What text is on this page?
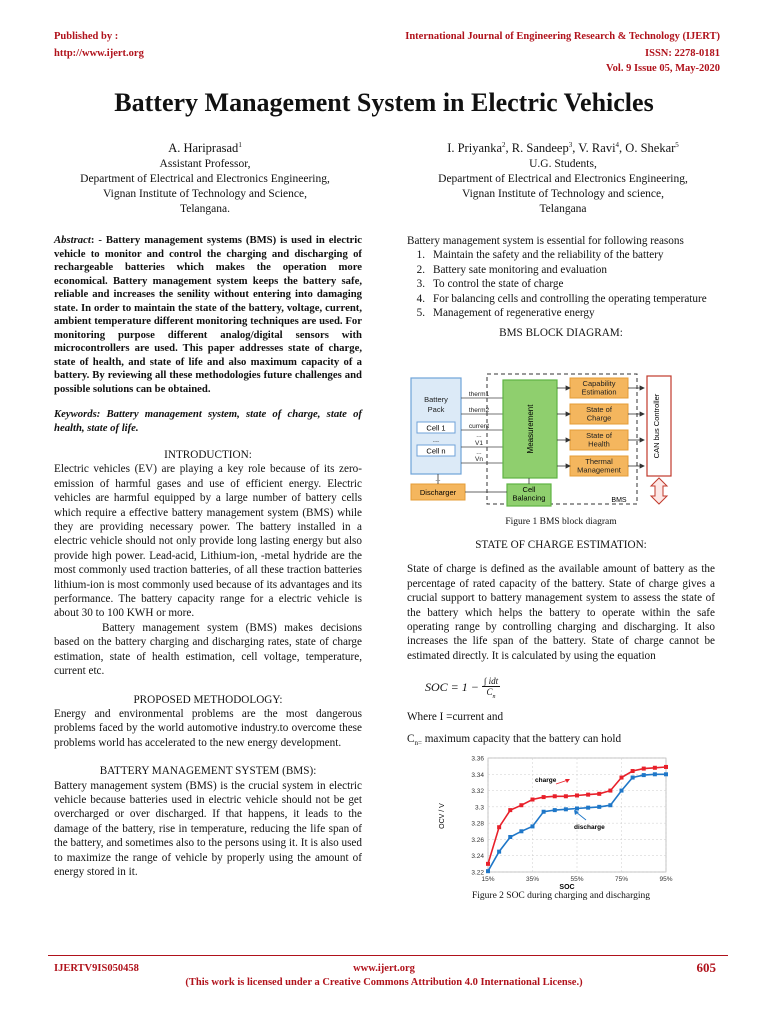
Published by :
http://www.ijert.org
International Journal of Engineering Research & Technology (IJERT)
ISSN: 2278-0181
Vol. 9 Issue 05, May-2020
Battery Management System in Electric Vehicles
A. Hariprasad$^1$
Assistant Professor,
Department of Electrical and Electronics Engineering,
Vignan Institute of Technology and Science,
Telangana.
I. Priyanka$^2$, R. Sandeep$^3$, V. Ravi$^4$, O. Shekar$^5$
U.G. Students,
Department of Electrical and Electronics Engineering,
Vignan Institute of Technology and science,
Telangana

Abstract: - Battery management systems (BMS) is used in electric vehicle to monitor and control the charging and discharging of rechargeable batteries which makes the operation more economical. Battery management system keeps the battery safe, reliable and increases the senility without entering into damaging state. In order to maintain the state of the battery, voltage, current, ambient temperature different monitoring techniques are used. For monitoring purpose different analog/digital sensors with microcontrollers are used. This paper addresses state of charge, state of health, and state of life and also maximum capacity of a battery. By reviewing all these methodologies future challenges and possible solutions can be obtained.

Keywords: Battery management system, state of charge, state of health, state of life.

INTRODUCTION:

Electric vehicles (EV) are playing a key role because of its zero-emission of harmful gases and use of efficient energy. Electric vehicles are harmful equipped by a large number of battery cells which require a effective battery management system (BMS) while they are providing necessary power. The battery installed in a electric vehicle should not only provide long lasting energy but also provide high power. Lead-acid, Lithium-ion, -metal hydride are the most commonly used traction batteries, of all these traction batteries lithium-ion is most commonly used because of its advantages and its performance. The battery capacity range for a electric vehicle is about 30 to 100 KWH or more.

Battery management system (BMS) makes decisions based on the battery charging and discharging rates, state of charge estimation, state of health estimation, cell voltage, temperature, current etc.

PROPOSED METHODOLOGY:

Energy and environmental problems are the most dangerous problems faced by the world automotive industry.to overcome these problems world has accelerated to the new energy development.

BATTERY MANAGEMENT SYSTEM (BMS):

Battery management system (BMS) is the crucial system in electric vehicle because batteries used in electric vehicle should not be get overcharged or over discharged. If that happens, it leads to the damage of the battery, rise in temperature, reducing the life span of the battery, and sometimes also to the persons using it. It is also used to maximize the range of vehicle by properly using the amount of energy stored in it.

Battery management system is essential for following reasons

1. Maintain the safety and the reliability of the battery
2. Battery sate monitoring and evaluation
3. To control the state of charge
4. For balancing cells and controlling the operating temperature
5. Management of regenerative energy

BMS BLOCK DIAGRAM:

Battery Pack
Cell 1
...
Cell n
therm1
therm2
current
...
V1
...
Vn
Measurement
Capability Estimation
State of Charge
State of Health
Thermal Management
Cell Balancing
Discharger
...
BMS
CAN bus Controller
Figure 1 BMS block diagram

STATE OF CHARGE ESTIMATION:

State of charge is defined as the available amount of battery as the percentage of rated capacity of the battery. State of charge gives a crucial support to battery management system to assess the state of the battery which helps the battery to operate within the safe operating range by controlling charging and discharging. It also increases the life span of the battery. State of charge cannot be estimated directly. It is calculated by using the equation

SOC = 1 − ∫ idt
$C_n$
Where I =current and
$C_{n=}$ maximum capacity that the battery can hold
3.22
3.24
3.26
3.28
3.3
3.32
3.34
3.36
15%	35%	55%	75%	95%
OCV / V
SOC
charge
discharge
Figure 2 SOC during charging and discharging
IJERTV9IS050458	www.ijert.org	605
(This work is licensed under a Creative Commons Attribution 4.0 International License.)
